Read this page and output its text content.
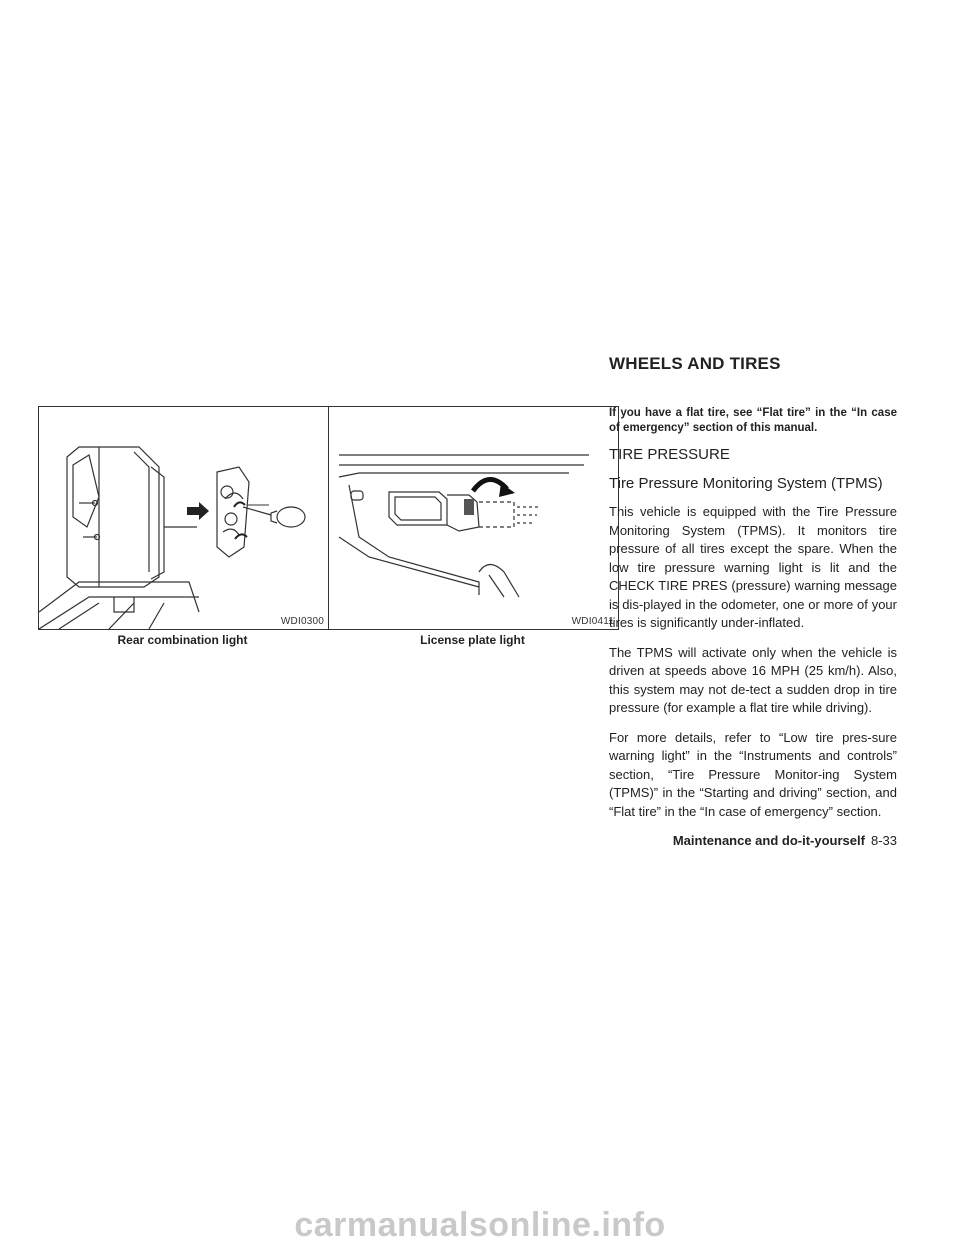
WHEELS AND TIRES
WDI0300
Rear combination light
WDI0411
License plate light

If you have a flat tire, see “Flat tire” in the “In case of emergency” section of this manual.

TIRE PRESSURE
Tire Pressure Monitoring System (TPMS)

This vehicle is equipped with the Tire Pressure Monitoring System (TPMS). It monitors tire pressure of all tires except the spare. When the low tire pressure warning light is lit and the CHECK TIRE PRES (pressure) warning message is dis-played in the odometer, one or more of your tires is significantly under-inflated.

The TPMS will activate only when the vehicle is driven at speeds above 16 MPH (25 km/h). Also, this system may not de-tect a sudden drop in tire pressure (for example a flat tire while driving).

For more details, refer to “Low tire pres-sure warning light” in the “Instruments and controls” section, “Tire Pressure Monitor-ing System (TPMS)” in the “Starting and driving” section, and “Flat tire” in the “In case of emergency” section.

Maintenance and do-it-yourself 8-33
carmanualsonline.info
